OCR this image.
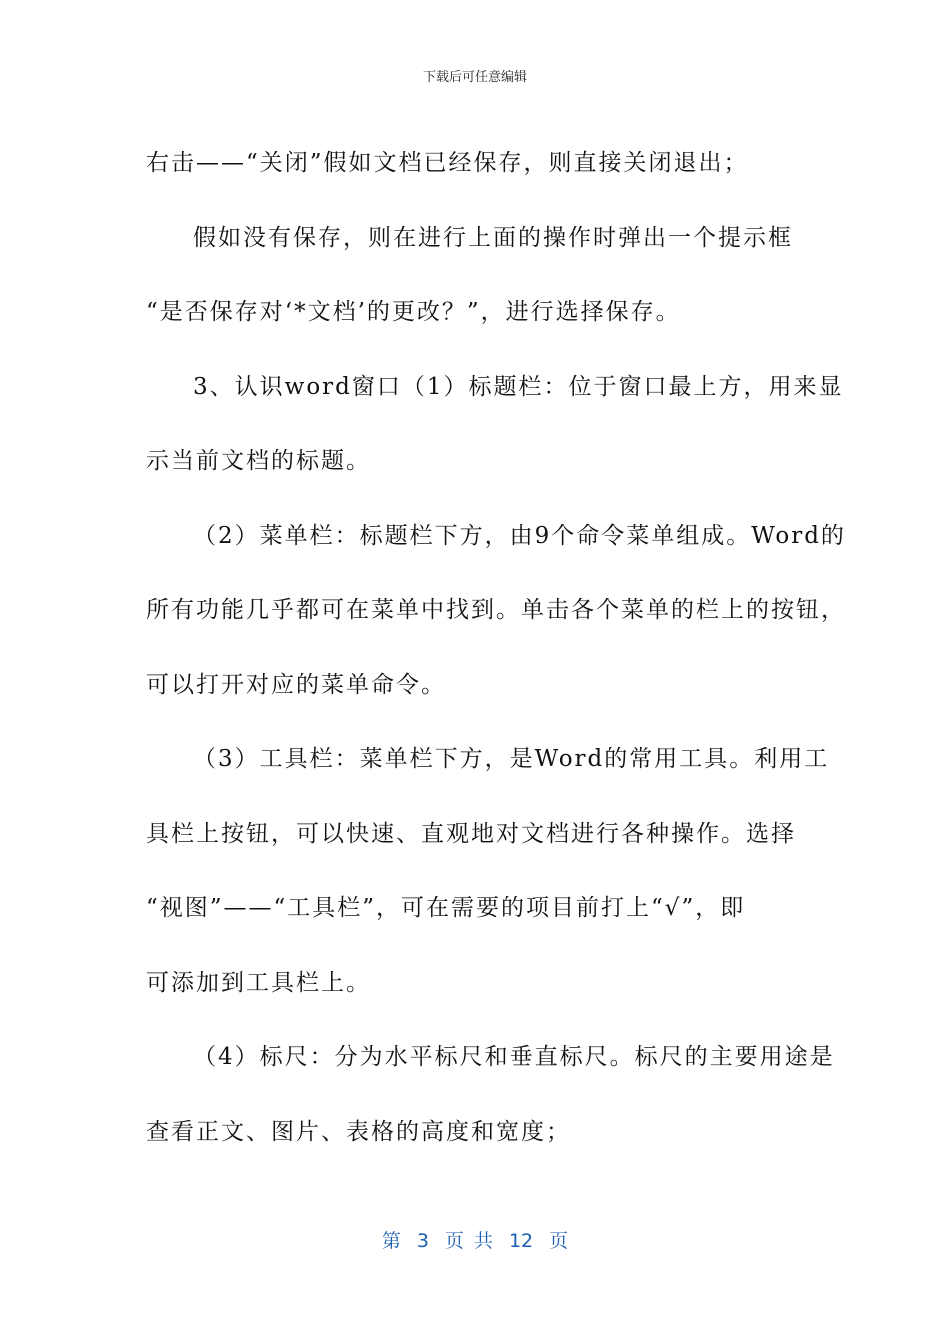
下载后可任意编辑
右击——“关闭”假如文档已经保存，则直接关闭退出；
假如没有保存，则在进行上面的操作时弹出一个提示框
“是否保存对‘*文档’的更改？”，进行选择保存。
3、认识word窗口（1）标题栏：位于窗口最上方，用来显
示当前文档的标题。
（2）菜单栏：标题栏下方，由9个命令菜单组成。Word的
所有功能几乎都可在菜单中找到。单击各个菜单的栏上的按钮，
可以打开对应的菜单命令。
（3）工具栏：菜单栏下方，是Word的常用工具。利用工
具栏上按钮，可以快速、直观地对文档进行各种操作。选择
“视图”——“工具栏”，可在需要的项目前打上“√”，即
可添加到工具栏上。
（4）标尺：分为水平标尺和垂直标尺。标尺的主要用途是
查看正文、图片、表格的高度和宽度；
第 3 页 共 12 页
